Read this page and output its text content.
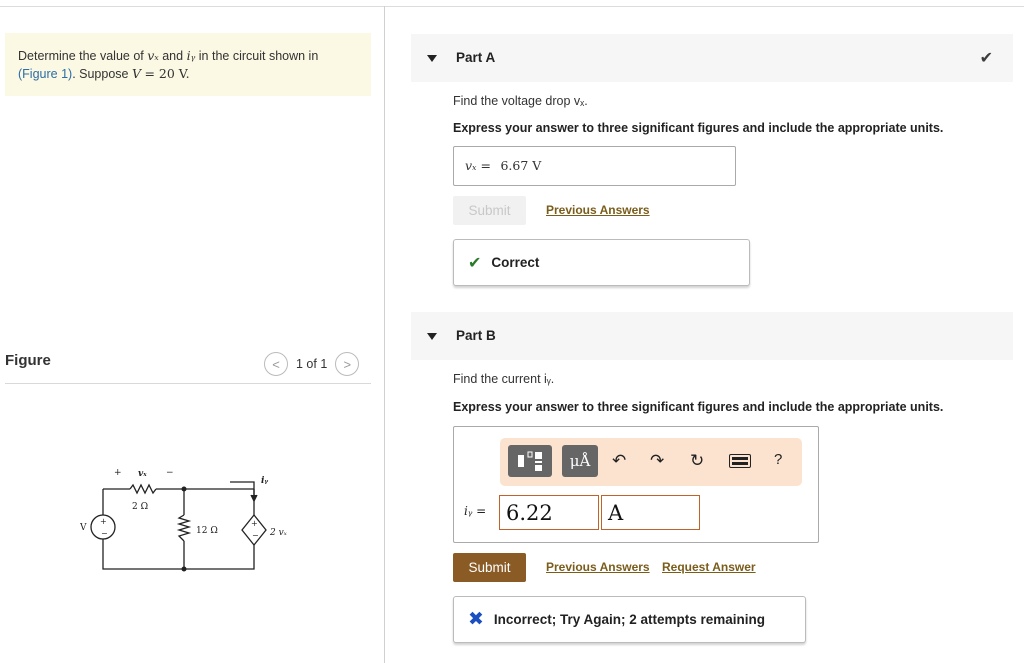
Determine the value of vₓ and iᵧ in the circuit shown in
(Figure 1). Suppose V = 20 V.
Figure	<	1 of 1	>
+ vₓ −
2 Ω
12 Ω
V
+
−
+
− 2 vₓ
iᵧ
Part A	✔
Find the voltage drop vₓ.
Express your answer to three significant figures and include the appropriate units.
vₓ = 6.67 V
Submit	Previous Answers
✔ Correct
Part B
Find the current iᵧ.
Express your answer to three significant figures and include the appropriate units.
μÅ	↶ ↷ ↻	?
iᵧ = 6.22	A
Submit	Previous Answers Request Answer
✖ Incorrect; Try Again; 2 attempts remaining
